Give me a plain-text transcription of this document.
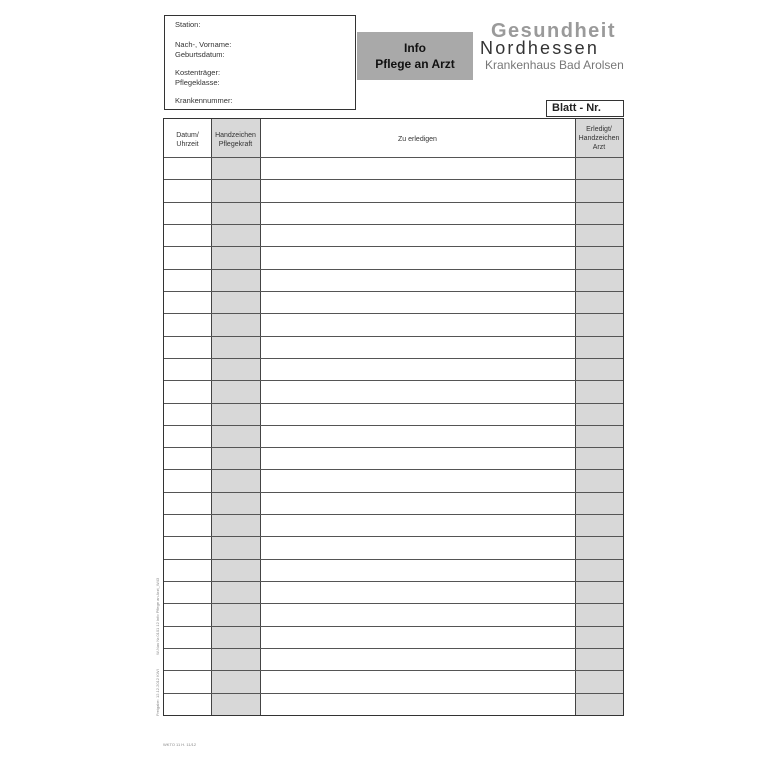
Station:
Nach-, Vorname:
Geburtsdatum:
Kostenträger:
Pflegeklasse:
Krankennummer:
Info
Pflege an Arzt
Gesundheit
Nordhessen
Krankenhaus Bad Arolsen
Blatt - Nr.
Datum/
Uhrzeit
Handzeichen
Pflegekraft
Zu erledigen
Erledigt/
Handzeichen
Arzt
Freigabe: 12.12.2012 KWI
W-Nav Nr.0101 12 Info Pflege an Arzt_W43
WKTO 11 H. 11/12
